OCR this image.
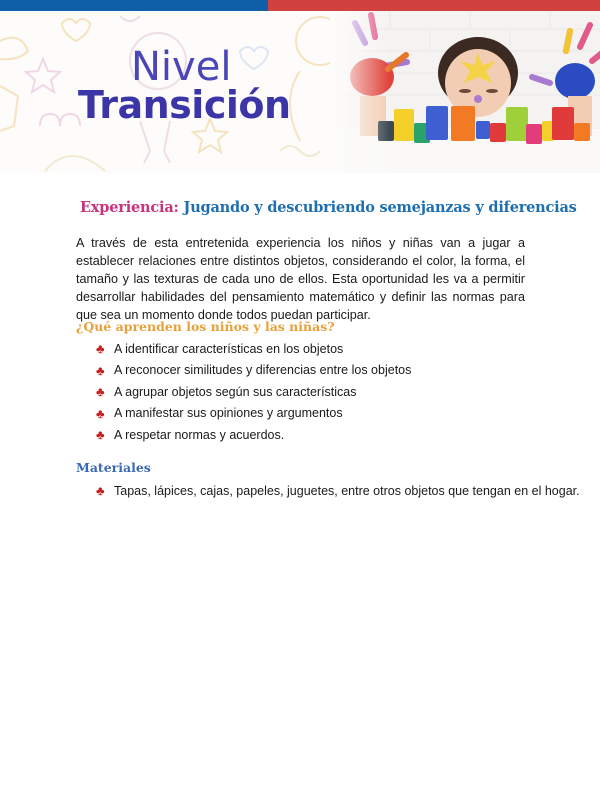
Nivel
Transición
Experiencia: Jugando y descubriendo semejanzas y diferencias

A través de esta entretenida experiencia los niños y niñas van a jugar a establecer relaciones entre distintos objetos, considerando el color, la forma, el tamaño y las texturas de cada uno de ellos. Esta oportunidad les va a permitir desarrollar habilidades del pensamiento matemático y definir las normas para que sea un momento donde todos puedan participar.

¿Qué aprenden los niños y las niñas?
♣ A identificar características en los objetos
♣ A reconocer similitudes y diferencias entre los objetos
♣ A agrupar objetos según sus características
♣ A manifestar sus opiniones y argumentos
♣ A respetar normas y acuerdos.
Materiales
♣ Tapas, lápices, cajas, papeles, juguetes, entre otros objetos que tengan en el hogar.
